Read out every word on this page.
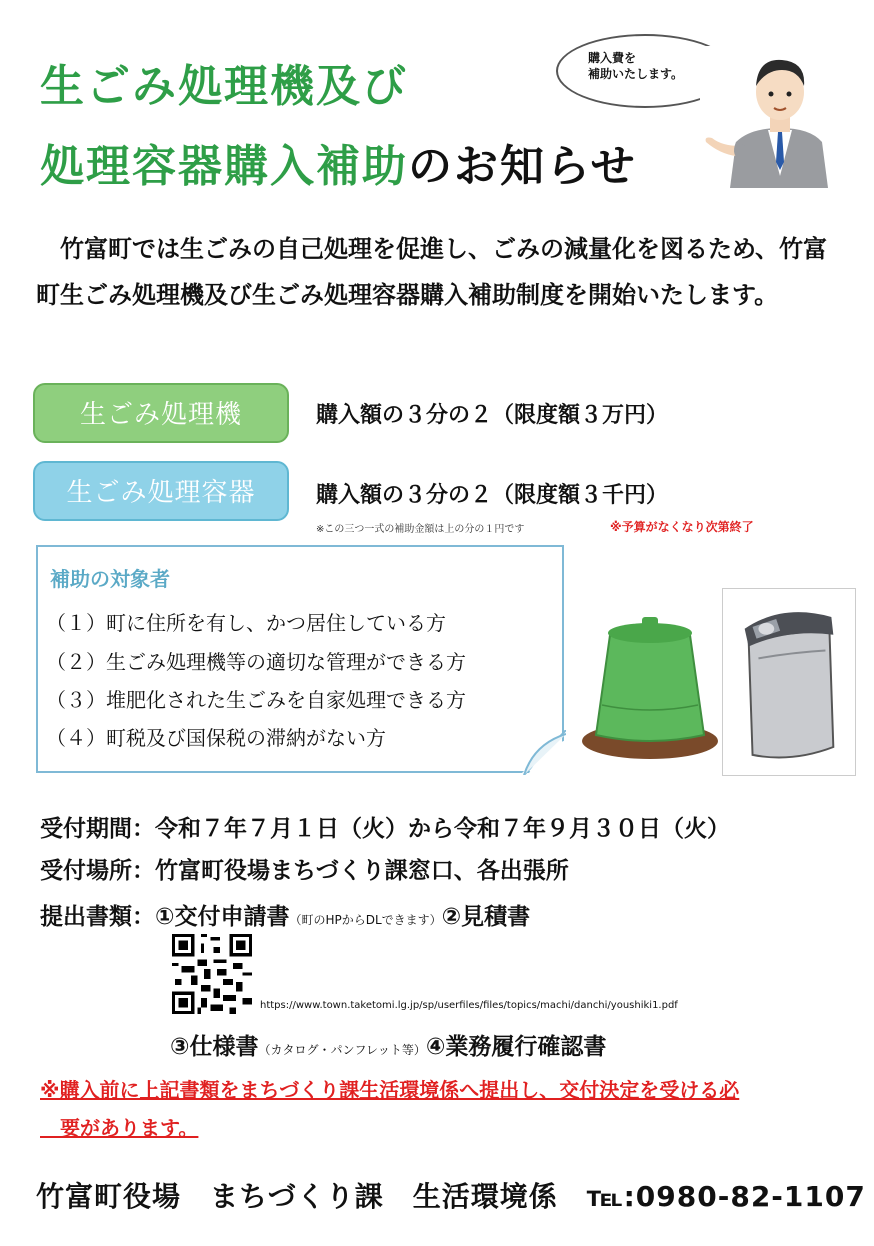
生ごみ処理機及び
処理容器購入補助のお知らせ
購入費を
補助いたします。
　竹富町では生ごみの自己処理を促進し、ごみの減量化を図るため、竹富町生ごみ処理機及び生ごみ処理容器購入補助制度を開始いたします。
生ごみ処理機	購入額の３分の２（限度額３万円）
生ごみ処理容器	購入額の３分の２（限度額３千円）
※この三つ一式の補助金額は上の分の１円です	※予算がなくなり次第終了
補助の対象者
（１）町に住所を有し、かつ居住している方
（２）生ごみ処理機等の適切な管理ができる方
（３）堆肥化された生ごみを自家処理できる方
（４）町税及び国保税の滞納がない方
受付期間：令和７年７月１日（火）から令和７年９月３０日（火）
受付場所：竹富町役場まちづくり課窓口、各出張所
提出書類：①交付申請書（町のHPからDLできます）②見積書
https://www.town.taketomi.lg.jp/sp/userfiles/files/topics/machi/danchi/youshiki1.pdf
③仕様書（カタログ・パンフレット等）④業務履行確認書
※購入前に上記書類をまちづくり課生活環境係へ提出し、交付決定を受ける必
　要があります。
竹富町役場　まちづくり課　生活環境係　℡:0980-82-1107
